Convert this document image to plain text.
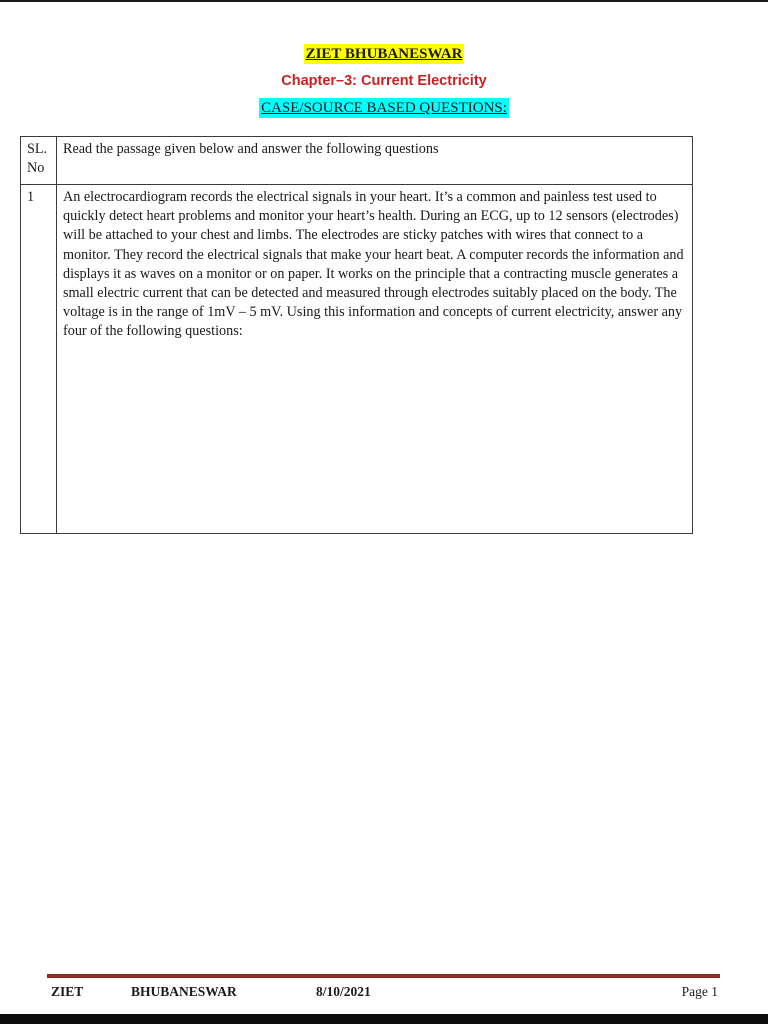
ZIET BHUBANESWAR
Chapter–3: Current Electricity
CASE/SOURCE BASED QUESTIONS:
SL. No	Read the passage given below and answer the following questions
1	An electrocardiogram records the electrical signals in your heart. It’s a common and painless test used to quickly detect heart problems and monitor your heart’s health. During an ECG, up to 12 sensors (electrodes) will be attached to your chest and limbs. The electrodes are sticky patches with wires that connect to a monitor. They record the electrical signals that make your heart beat. A computer records the information and displays it as waves on a monitor or on paper. It works on the principle that a contracting muscle generates a small electric current that can be detected and measured through electrodes suitably placed on the body. The voltage is in the range of 1mV – 5 mV. Using this information and concepts of current electricity, answer any four of the following questions:
ZIET	BHUBANESWAR	8/10/2021	Page 1
